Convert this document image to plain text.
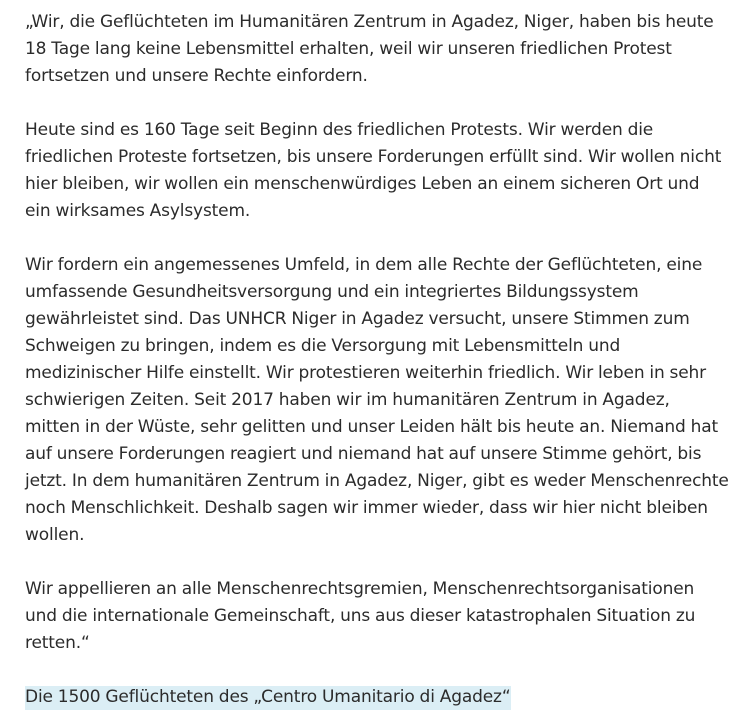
„Wir, die Geflüchteten im Humanitären Zentrum in Agadez, Niger, haben bis heute 18 Tage lang keine Lebensmittel erhalten, weil wir unseren friedlichen Protest fortsetzen und unsere Rechte einfordern.

Heute sind es 160 Tage seit Beginn des friedlichen Protests. Wir werden die friedlichen Proteste fortsetzen, bis unsere Forderungen erfüllt sind. Wir wollen nicht hier bleiben, wir wollen ein menschenwürdiges Leben an einem sicheren Ort und ein wirksames Asylsystem.

Wir fordern ein angemessenes Umfeld, in dem alle Rechte der Geflüchteten, eine umfassende Gesundheitsversorgung und ein integriertes Bildungssystem gewährleistet sind. Das UNHCR Niger in Agadez versucht, unsere Stimmen zum Schweigen zu bringen, indem es die Versorgung mit Lebensmitteln und medizinischer Hilfe einstellt. Wir protestieren weiterhin friedlich. Wir leben in sehr schwierigen Zeiten. Seit 2017 haben wir im humanitären Zentrum in Agadez, mitten in der Wüste, sehr gelitten und unser Leiden hält bis heute an. Niemand hat auf unsere Forderungen reagiert und niemand hat auf unsere Stimme gehört, bis jetzt. In dem humanitären Zentrum in Agadez, Niger, gibt es weder Menschenrechte noch Menschlichkeit. Deshalb sagen wir immer wieder, dass wir hier nicht bleiben wollen.

Wir appellieren an alle Menschenrechtsgremien, Menschenrechtsorganisationen und die internationale Gemeinschaft, uns aus dieser katastrophalen Situation zu retten.“

Die 1500 Geflüchteten des „Centro Umanitario di Agadez“
